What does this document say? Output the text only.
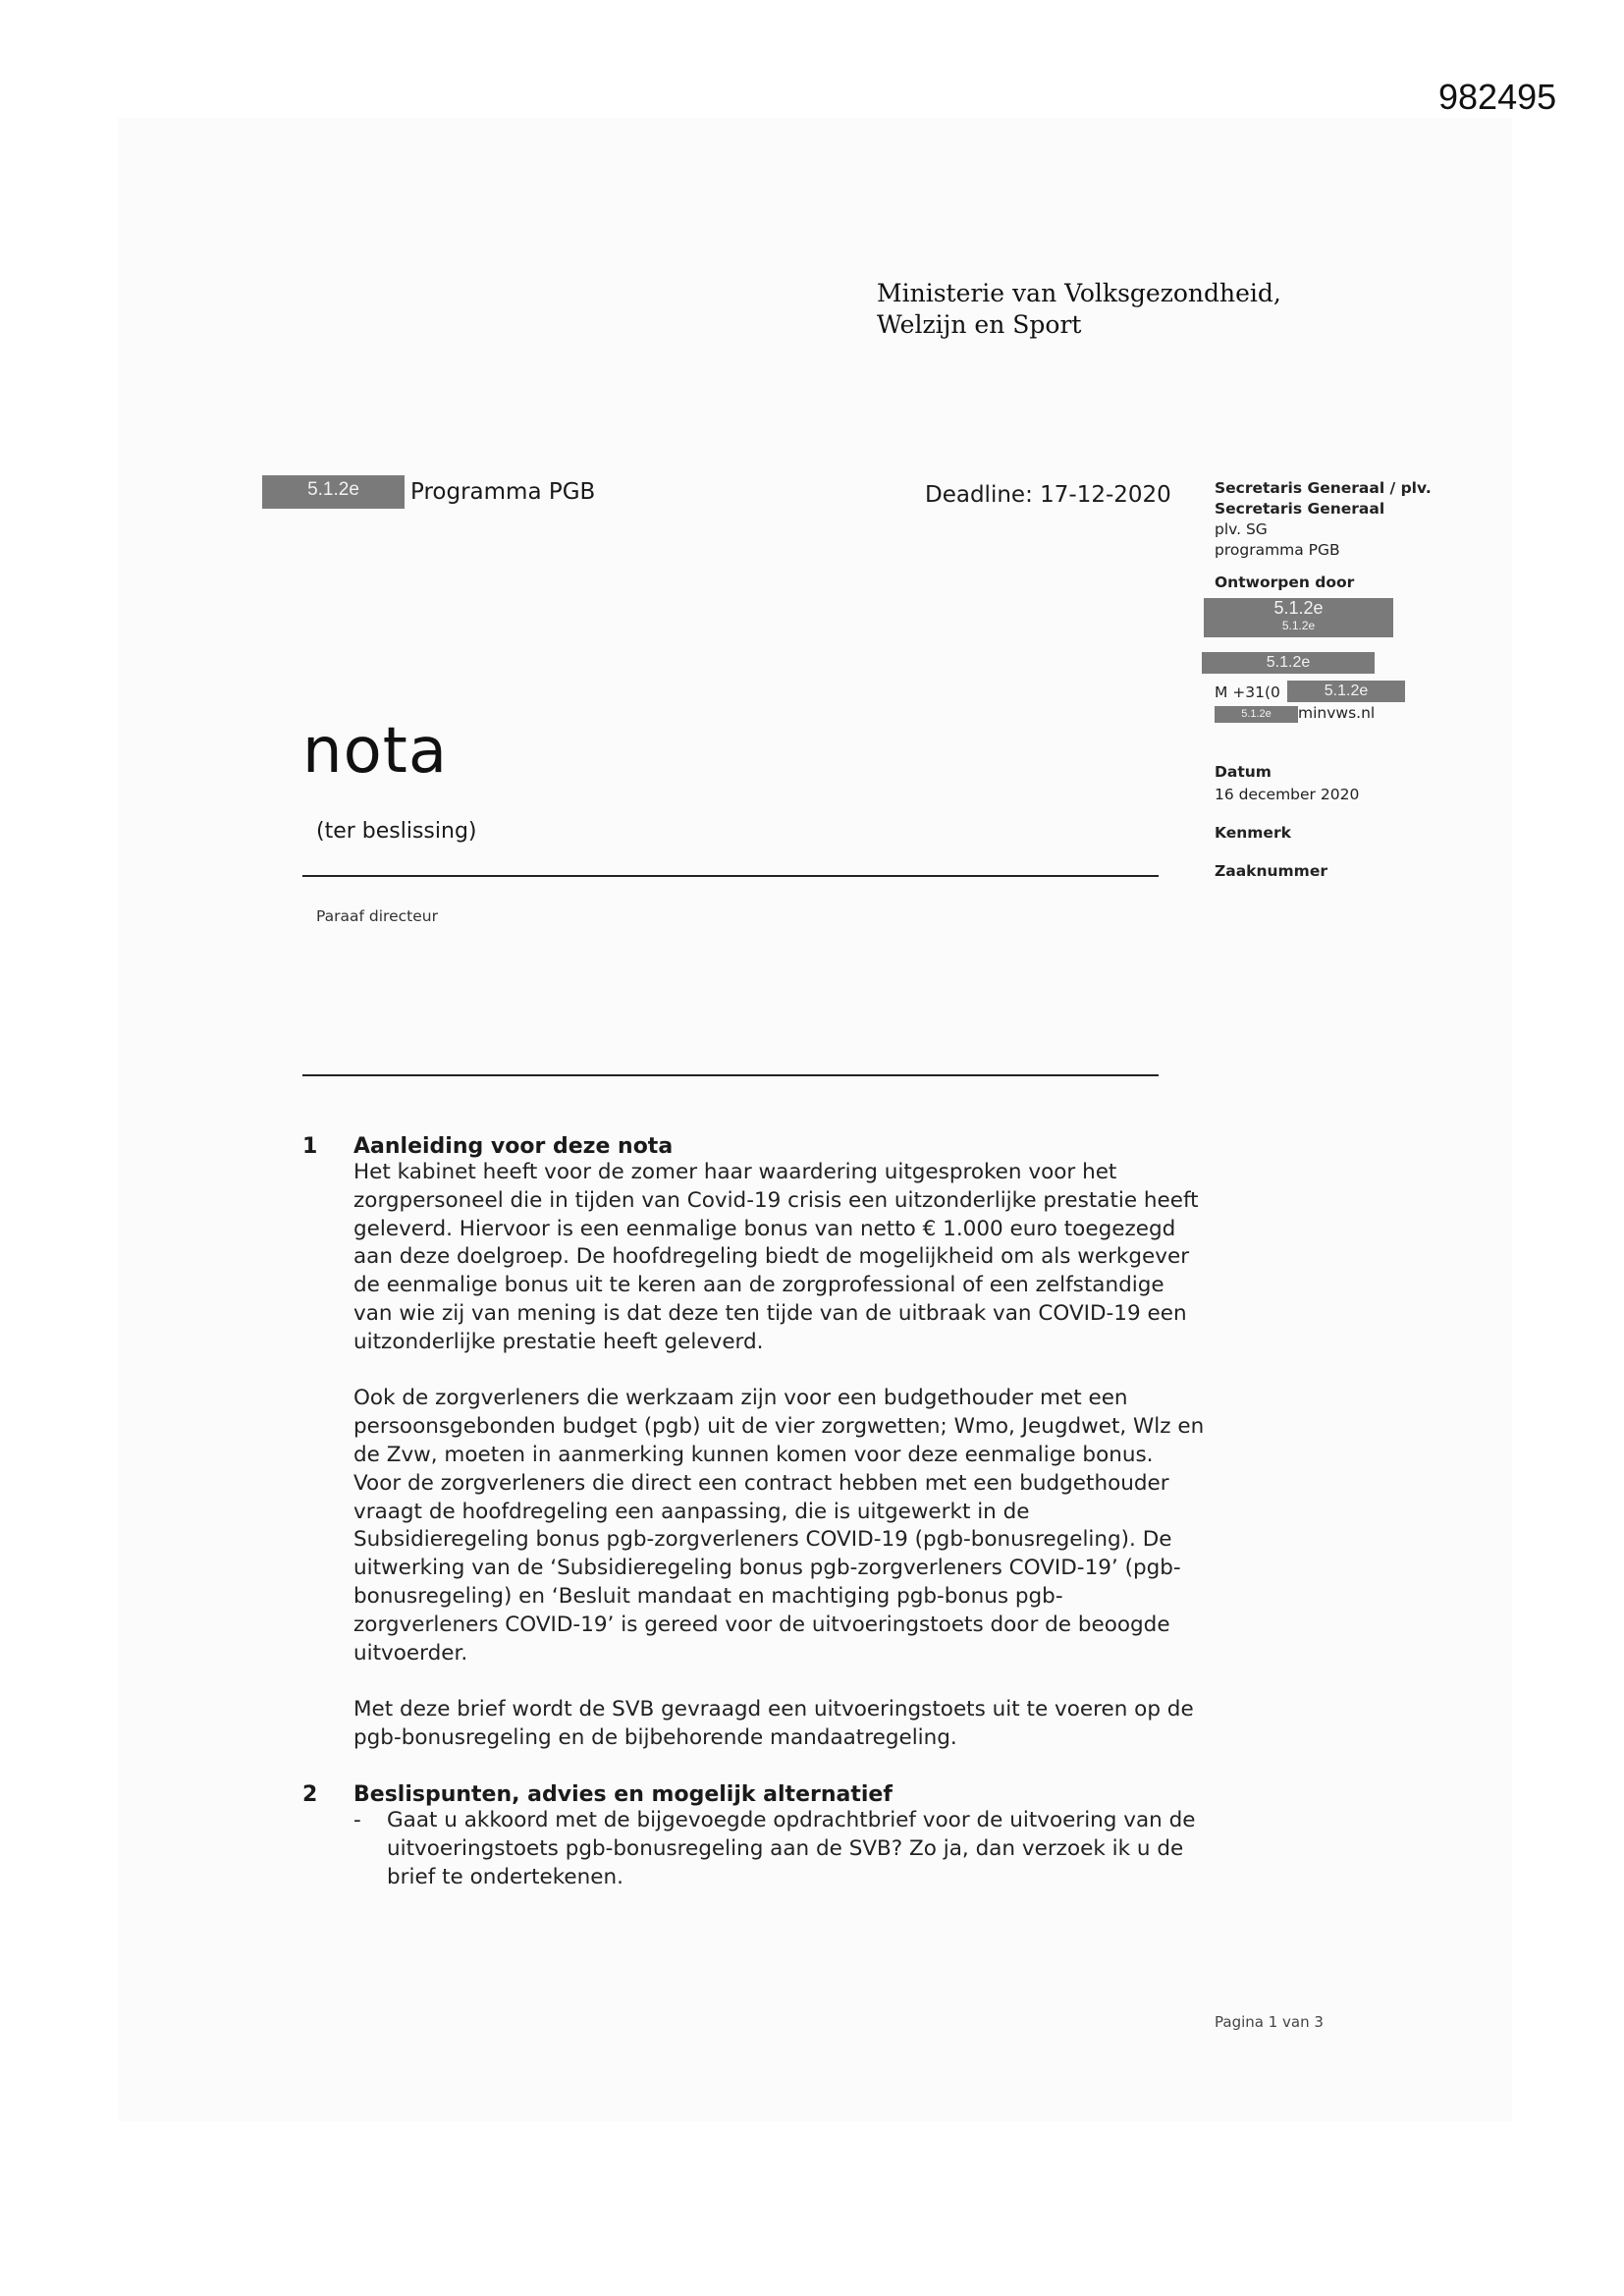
982495
Ministerie van Volksgezondheid,
Welzijn en Sport
5.1.2e	Programma PGB	Deadline: 17-12-2020	Secretaris Generaal / plv.
Secretaris Generaal
plv. SG
programma PGB
Ontworpen door
5.1.2e
5.1.2e
5.1.2e
M +31(0	5.1.2e
5.1.2e	minvws.nl
Datum
16 december 2020
Kenmerk
Zaaknummer
nota
(ter beslissing)
Paraaf directeur
1	Aanleiding voor deze nota

Het kabinet heeft voor de zomer haar waardering uitgesproken voor het zorgpersoneel die in tijden van Covid-19 crisis een uitzonderlijke prestatie heeft geleverd. Hiervoor is een eenmalige bonus van netto € 1.000 euro toegezegd aan deze doelgroep. De hoofdregeling biedt de mogelijkheid om als werkgever de eenmalige bonus uit te keren aan de zorgprofessional of een zelfstandige van wie zij van mening is dat deze ten tijde van de uitbraak van COVID-19 een uitzonderlijke prestatie heeft geleverd.

Ook de zorgverleners die werkzaam zijn voor een budgethouder met een persoonsgebonden budget (pgb) uit de vier zorgwetten; Wmo, Jeugdwet, Wlz en de Zvw, moeten in aanmerking kunnen komen voor deze eenmalige bonus. Voor de zorgverleners die direct een contract hebben met een budgethouder vraagt de hoofdregeling een aanpassing, die is uitgewerkt in de Subsidieregeling bonus pgb-zorgverleners COVID-19 (pgb-bonusregeling). De uitwerking van de ‘Subsidieregeling bonus pgb-zorgverleners COVID-19’ (pgb-bonusregeling) en ‘Besluit mandaat en machtiging pgb-bonus pgb-zorgverleners COVID-19’ is gereed voor de uitvoeringstoets door de beoogde uitvoerder.

Met deze brief wordt de SVB gevraagd een uitvoeringstoets uit te voeren op de pgb-bonusregeling en de bijbehorende mandaatregeling.

2	Beslispunten, advies en mogelijk alternatief
-	Gaat u akkoord met de bijgevoegde opdrachtbrief voor de uitvoering van de uitvoeringstoets pgb-bonusregeling aan de SVB? Zo ja, dan verzoek ik u de brief te ondertekenen.
Pagina 1 van 3
